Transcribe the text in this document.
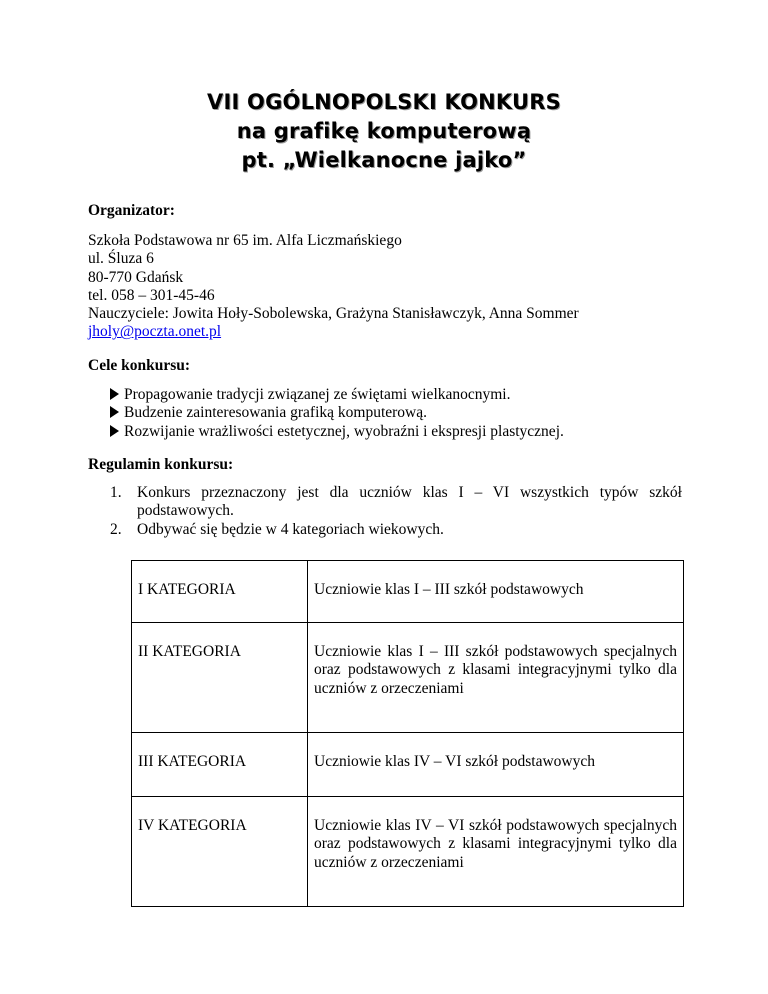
VII OGÓLNOPOLSKI KONKURS
na grafikę komputerową
pt. „Wielkanocne jajko”
Organizator:
Szkoła Podstawowa nr 65 im. Alfa Liczmańskiego
ul. Śluza 6
80-770 Gdańsk
tel. 058 – 301-45-46
Nauczyciele: Jowita Hoły-Sobolewska, Grażyna Stanisławczyk, Anna Sommer
jholy@poczta.onet.pl
Cele konkursu:
Propagowanie tradycji związanej ze świętami wielkanocnymi.
Budzenie zainteresowania grafiką komputerową.
Rozwijanie wrażliwości estetycznej, wyobraźni i ekspresji plastycznej.
Regulamin konkursu:
1. Konkurs przeznaczony jest dla uczniów klas I – VI wszystkich typów szkół podstawowych.
2. Odbywać się będzie w 4 kategoriach wiekowych.
I KATEGORIA	Uczniowie klas I – III szkół podstawowych
II KATEGORIA	Uczniowie klas I – III szkół podstawowych specjalnych oraz podstawowych z klasami integracyjnymi tylko dla uczniów z orzeczeniami
III KATEGORIA	Uczniowie klas IV – VI szkół podstawowych
IV KATEGORIA	Uczniowie klas IV – VI szkół podstawowych specjalnych oraz podstawowych z klasami integracyjnymi tylko dla uczniów z orzeczeniami
